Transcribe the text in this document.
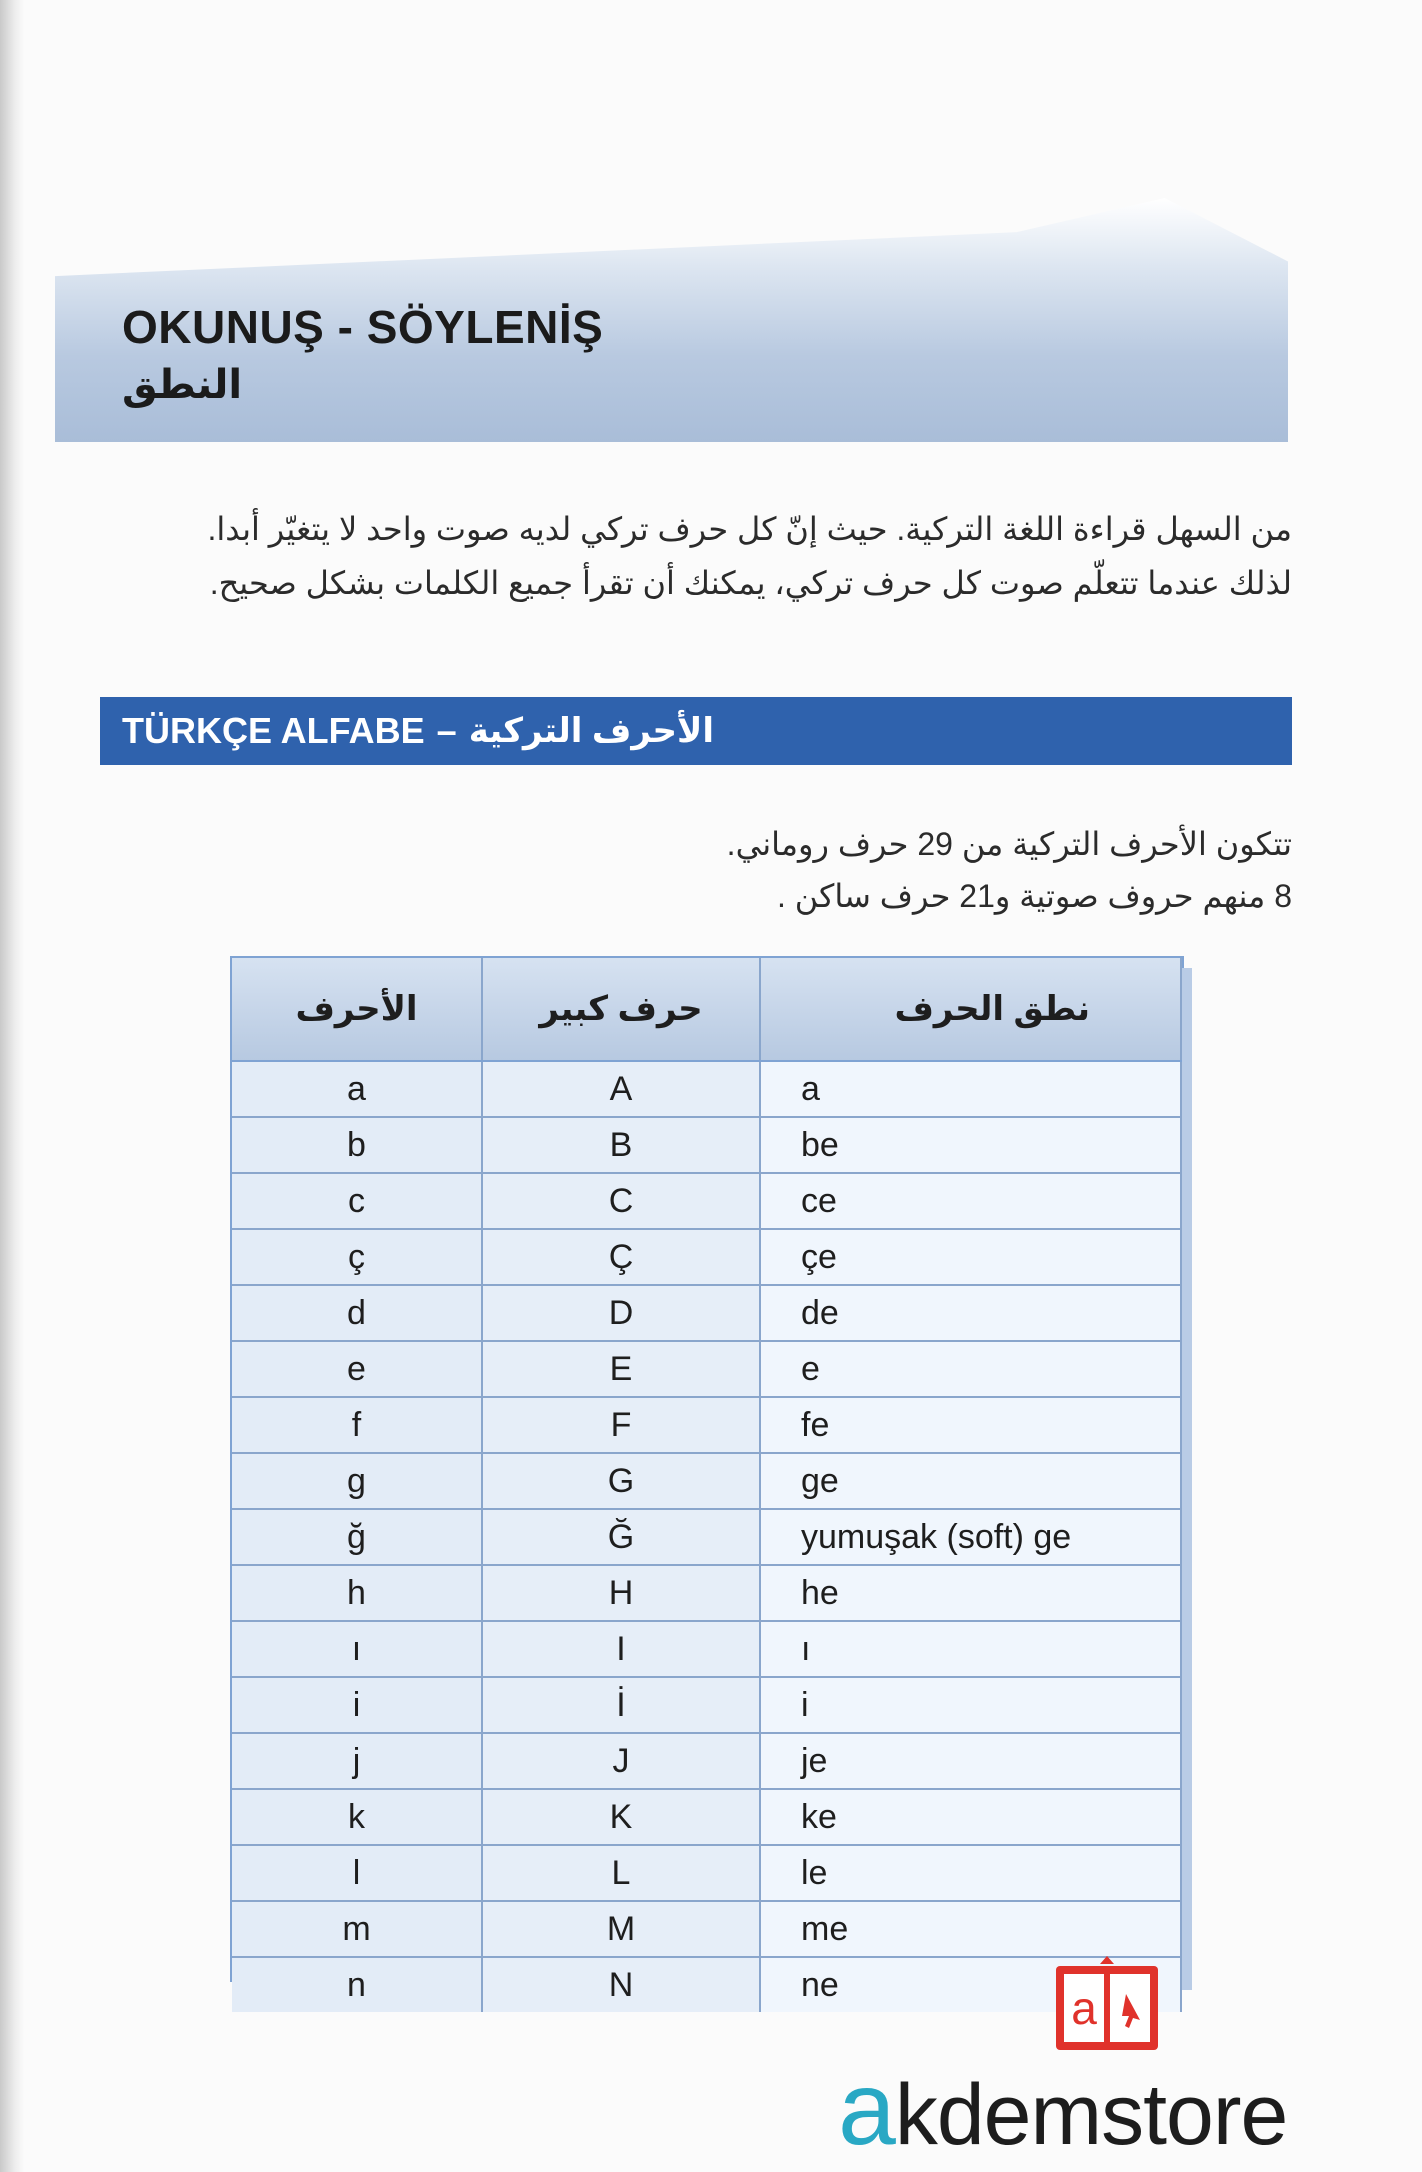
OKUNUŞ - SÖYLENİŞ
النطق

من السهل قراءة اللغة التركية. حيث إنّ كل حرف تركي لديه صوت واحد لا يتغيّر أبدا.

لذلك عندما تتعلّم صوت كل حرف تركي، يمكنك أن تقرأ جميع الكلمات بشكل صحيح.

TÜRKÇE ALFABE – الأحرف التركية

تتكون الأحرف التركية من 29 حرف روماني.

8 منهم حروف صوتية و21 حرف ساكن .

الأحرف	حرف كبير	نطق الحرف
a	A	a
b	B	be
c	C	ce
ç	Ç	çe
d	D	de
e	E	e
f	F	fe
g	G	ge
ğ	Ğ	yumuşak (soft) ge
h	H	he
ı	I	ı
i	İ	i
j	J	je
k	K	ke
l	L	le
m	M	me
n	N	ne	a
akdemstore
